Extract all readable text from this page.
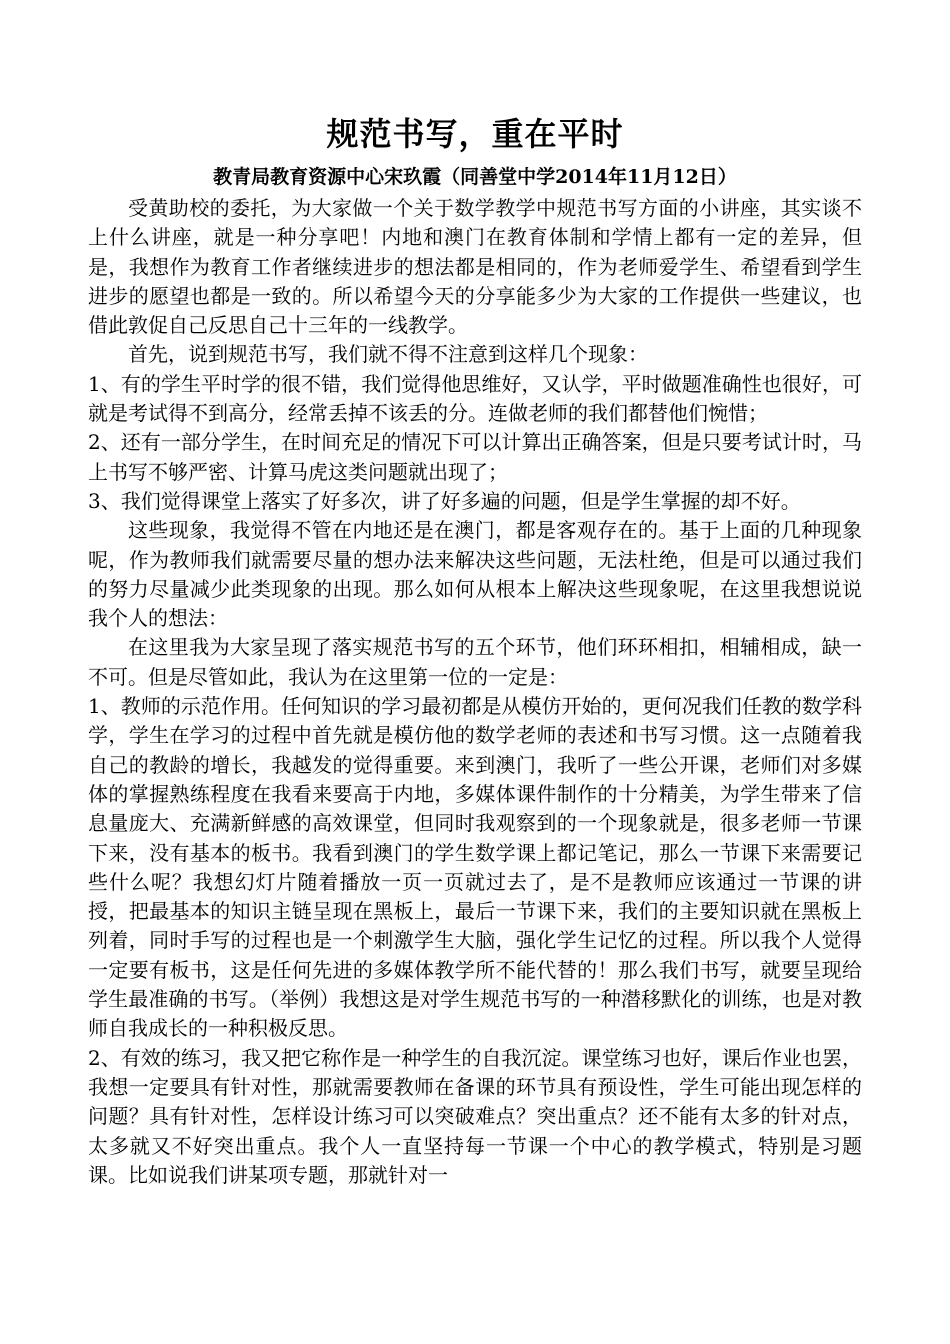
规范书写，重在平时
教青局教育资源中心宋玖霞（同善堂中学2014年11月12日）

受黄助校的委托，为大家做一个关于数学教学中规范书写方面的小讲座，其实谈不上什么讲座，就是一种分享吧！内地和澳门在教育体制和学情上都有一定的差异，但是，我想作为教育工作者继续进步的想法都是相同的，作为老师爱学生、希望看到学生进步的愿望也都是一致的。所以希望今天的分享能多少为大家的工作提供一些建议，也借此敦促自己反思自己十三年的一线教学。

首先，说到规范书写，我们就不得不注意到这样几个现象：

1、有的学生平时学的很不错，我们觉得他思维好，又认学，平时做题准确性也很好，可就是考试得不到高分，经常丢掉不该丢的分。连做老师的我们都替他们惋惜；

2、还有一部分学生，在时间充足的情况下可以计算出正确答案，但是只要考试计时，马上书写不够严密、计算马虎这类问题就出现了；

3、我们觉得课堂上落实了好多次，讲了好多遍的问题，但是学生掌握的却不好。

这些现象，我觉得不管在内地还是在澳门，都是客观存在的。基于上面的几种现象呢，作为教师我们就需要尽量的想办法来解决这些问题，无法杜绝，但是可以通过我们的努力尽量减少此类现象的出现。那么如何从根本上解决这些现象呢，在这里我想说说我个人的想法：

在这里我为大家呈现了落实规范书写的五个环节，他们环环相扣，相辅相成，缺一不可。但是尽管如此，我认为在这里第一位的一定是：

1、教师的示范作用。任何知识的学习最初都是从模仿开始的，更何况我们任教的数学科学，学生在学习的过程中首先就是模仿他的数学老师的表述和书写习惯。这一点随着我自己的教龄的增长，我越发的觉得重要。来到澳门，我听了一些公开课，老师们对多媒体的掌握熟练程度在我看来要高于内地，多媒体课件制作的十分精美，为学生带来了信息量庞大、充满新鲜感的高效课堂，但同时我观察到的一个现象就是，很多老师一节课下来，没有基本的板书。我看到澳门的学生数学课上都记笔记，那么一节课下来需要记些什么呢？我想幻灯片随着播放一页一页就过去了，是不是教师应该通过一节课的讲授，把最基本的知识主链呈现在黑板上，最后一节课下来，我们的主要知识就在黑板上列着，同时手写的过程也是一个刺激学生大脑，强化学生记忆的过程。所以我个人觉得一定要有板书，这是任何先进的多媒体教学所不能代替的！那么我们书写，就要呈现给学生最准确的书写。（举例）我想这是对学生规范书写的一种潜移默化的训练，也是对教师自我成长的一种积极反思。

2、有效的练习，我又把它称作是一种学生的自我沉淀。课堂练习也好，课后作业也罢，我想一定要具有针对性，那就需要教师在备课的环节具有预设性，学生可能出现怎样的问题？具有针对性，怎样设计练习可以突破难点？突出重点？还不能有太多的针对点，太多就又不好突出重点。我个人一直坚持每一节课一个中心的教学模式，特别是习题课。比如说我们讲某项专题，那就针对一
